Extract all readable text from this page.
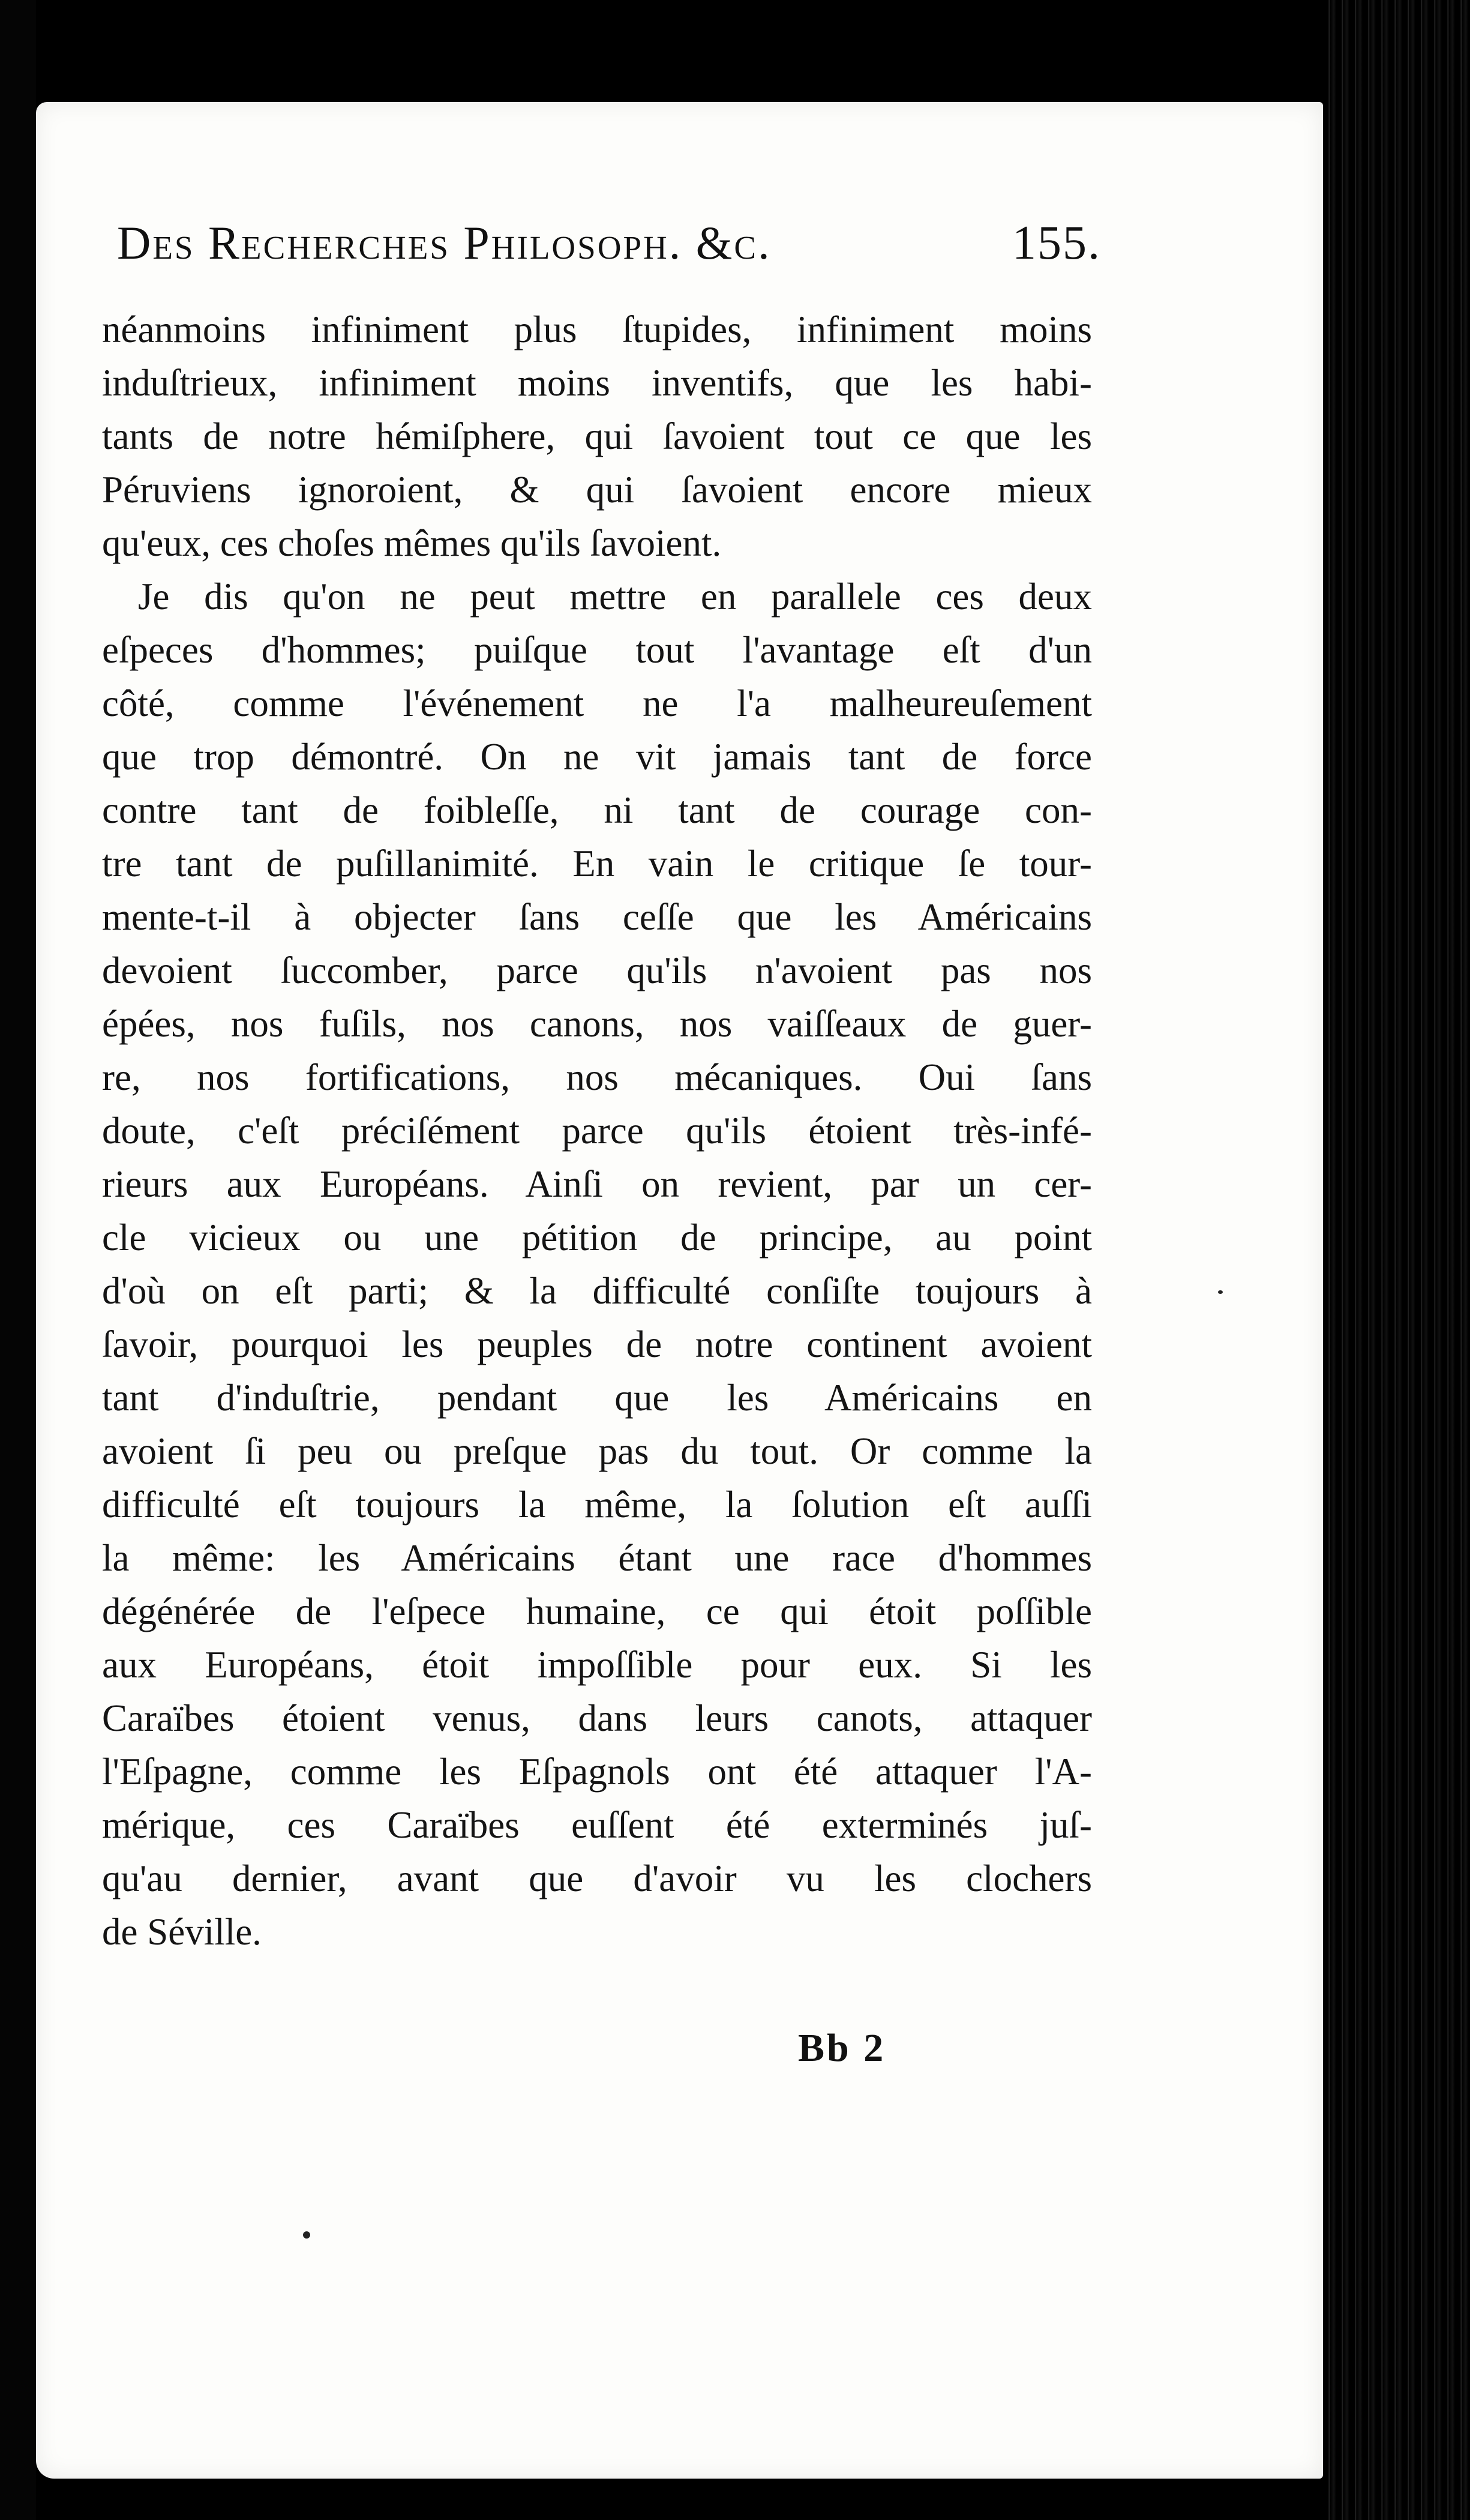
Des Recherches Philosoph. &c.	155.
néanmoins infiniment plus ſtupides, infiniment moins
induſtrieux, infiniment moins inventifs, que les habi-
tants de notre hémiſphere, qui ſavoient tout ce que les
Péruviens ignoroient, & qui ſavoient encore mieux
qu'eux, ces choſes mêmes qu'ils ſavoient.
Je dis qu'on ne peut mettre en parallele ces deux
eſpeces d'hommes; puiſque tout l'avantage eſt d'un
côté, comme l'événement ne l'a malheureuſement
que trop démontré. On ne vit jamais tant de force
contre tant de foibleſſe, ni tant de courage con-
tre tant de puſillanimité. En vain le critique ſe tour-
mente-t-il à objecter ſans ceſſe que les Américains
devoient ſuccomber, parce qu'ils n'avoient pas nos
épées, nos fuſils, nos canons, nos vaiſſeaux de guer-
re, nos fortifications, nos mécaniques. Oui ſans
doute, c'eſt préciſément parce qu'ils étoient très-infé-
rieurs aux Européans. Ainſi on revient, par un cer-
cle vicieux ou une pétition de principe, au point
d'où on eſt parti; & la difficulté conſiſte toujours à
ſavoir, pourquoi les peuples de notre continent avoient
tant d'induſtrie, pendant que les Américains en
avoient ſi peu ou preſque pas du tout. Or comme la
difficulté eſt toujours la même, la ſolution eſt auſſi
la même: les Américains étant une race d'hommes
dégénérée de l'eſpece humaine, ce qui étoit poſſible
aux Européans, étoit impoſſible pour eux. Si les
Caraïbes étoient venus, dans leurs canots, attaquer
l'Eſpagne, comme les Eſpagnols ont été attaquer l'A-
mérique, ces Caraïbes euſſent été exterminés juſ-
qu'au dernier, avant que d'avoir vu les clochers
de Séville.
Bb 2
